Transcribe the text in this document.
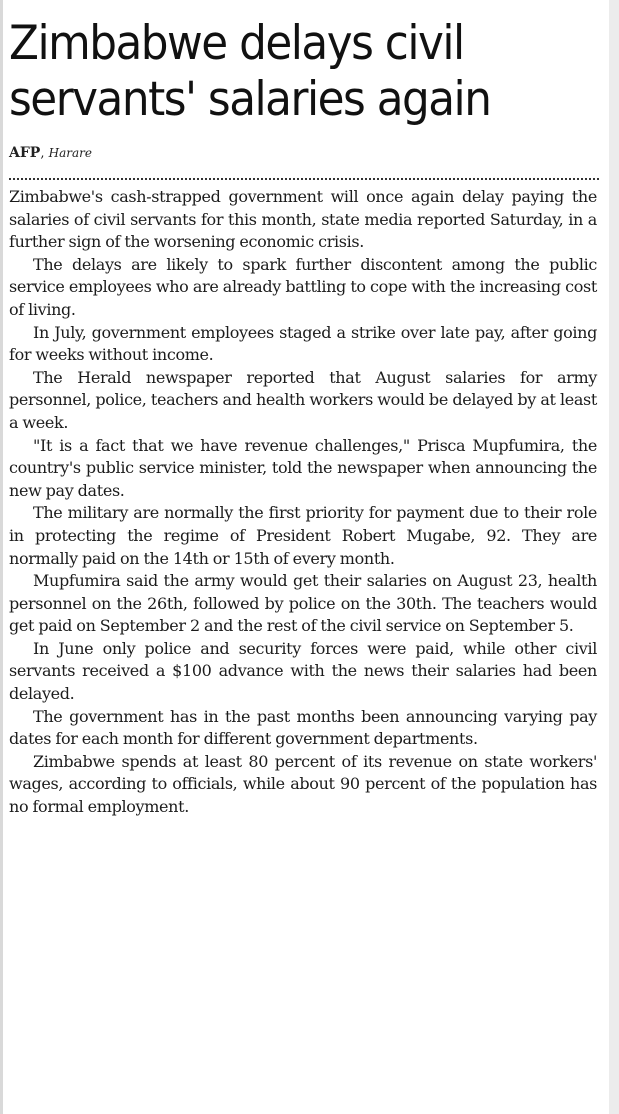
Zimbabwe delays civil
servants' salaries again
AFP, Harare

Zimbabwe's cash-strapped government will once again delay paying the salaries of civil servants for this month, state media reported Saturday, in a further sign of the worsening economic crisis.

The delays are likely to spark further discontent among the public service employees who are already battling to cope with the increasing cost of living.

In July, government employees staged a strike over late pay, after going for weeks without income.

The Herald newspaper reported that August salaries for army personnel, police, teachers and health workers would be delayed by at least a week.

"It is a fact that we have revenue challenges," Prisca Mupfumira, the country's public service minister, told the newspaper when announcing the new pay dates.

The military are normally the first priority for payment due to their role in protecting the regime of President Robert Mugabe, 92. They are normally paid on the 14th or 15th of every month.

Mupfumira said the army would get their salaries on August 23, health personnel on the 26th, followed by police on the 30th. The teachers would get paid on September 2 and the rest of the civil service on September 5.

In June only police and security forces were paid, while other civil servants received a $100 advance with the news their salaries had been delayed.

The government has in the past months been announcing varying pay dates for each month for different government departments.

Zimbabwe spends at least 80 percent of its revenue on state workers' wages, according to officials, while about 90 percent of the population has no formal employment.
